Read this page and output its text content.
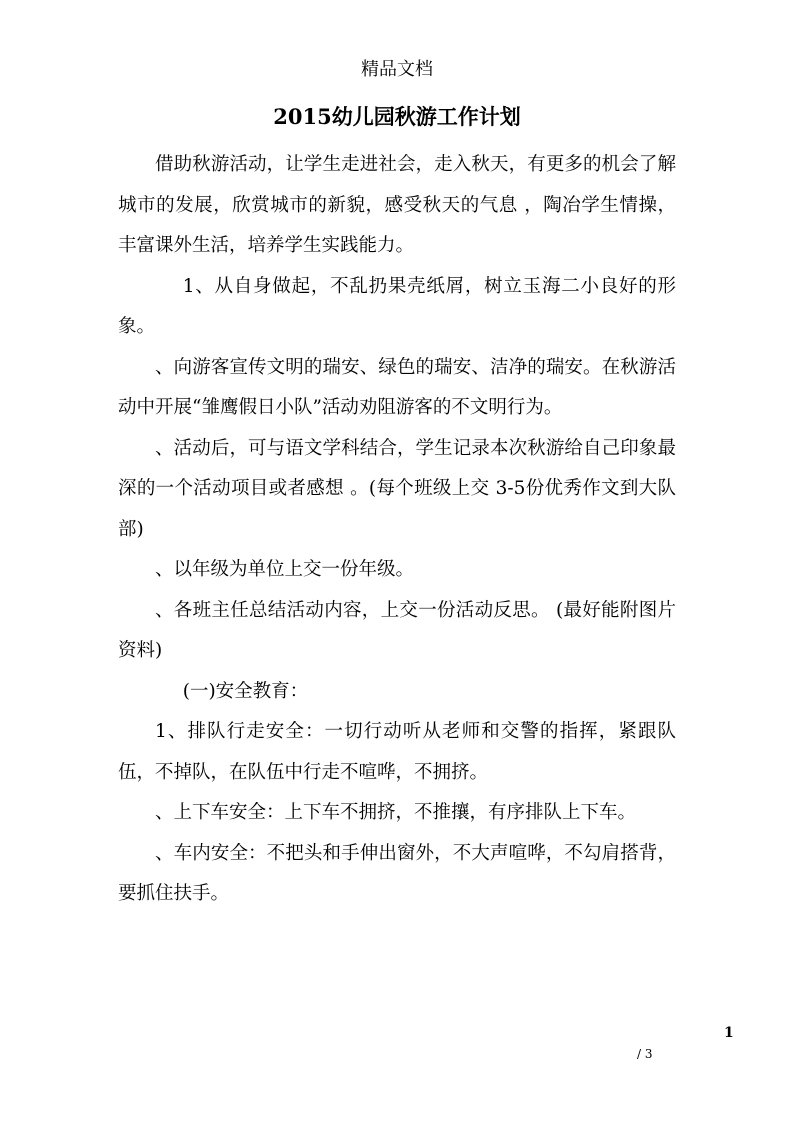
精品文档
2015幼儿园秋游工作计划

借助秋游活动，让学生走进社会，走入秋天，有更多的机会了解城市的发展，欣赏城市的新貌，感受秋天的气息 ，陶冶学生情操，丰富课外生活，培养学生实践能力。

1、从自身做起，不乱扔果壳纸屑，树立玉海二小良好的形象。

、向游客宣传文明的瑞安、绿色的瑞安、洁净的瑞安。在秋游活动中开展“雏鹰假日小队”活动劝阻游客的不文明行为。

、活动后，可与语文学科结合，学生记录本次秋游给自己印象最深的一个活动项目或者感想 。(每个班级上交 3-5份优秀作文到大队部)

、以年级为单位上交一份年级。

、各班主任总结活动内容，上交一份活动反思。 (最好能附图片资料)

(一)安全教育：

1、排队行走安全：一切行动听从老师和交警的指挥，紧跟队伍，不掉队，在队伍中行走不喧哗，不拥挤。

、上下车安全：上下车不拥挤，不推攘，有序排队上下车。

、车内安全：不把头和手伸出窗外，不大声喧哗，不勾肩搭背，要抓住扶手。

1
/ 3
